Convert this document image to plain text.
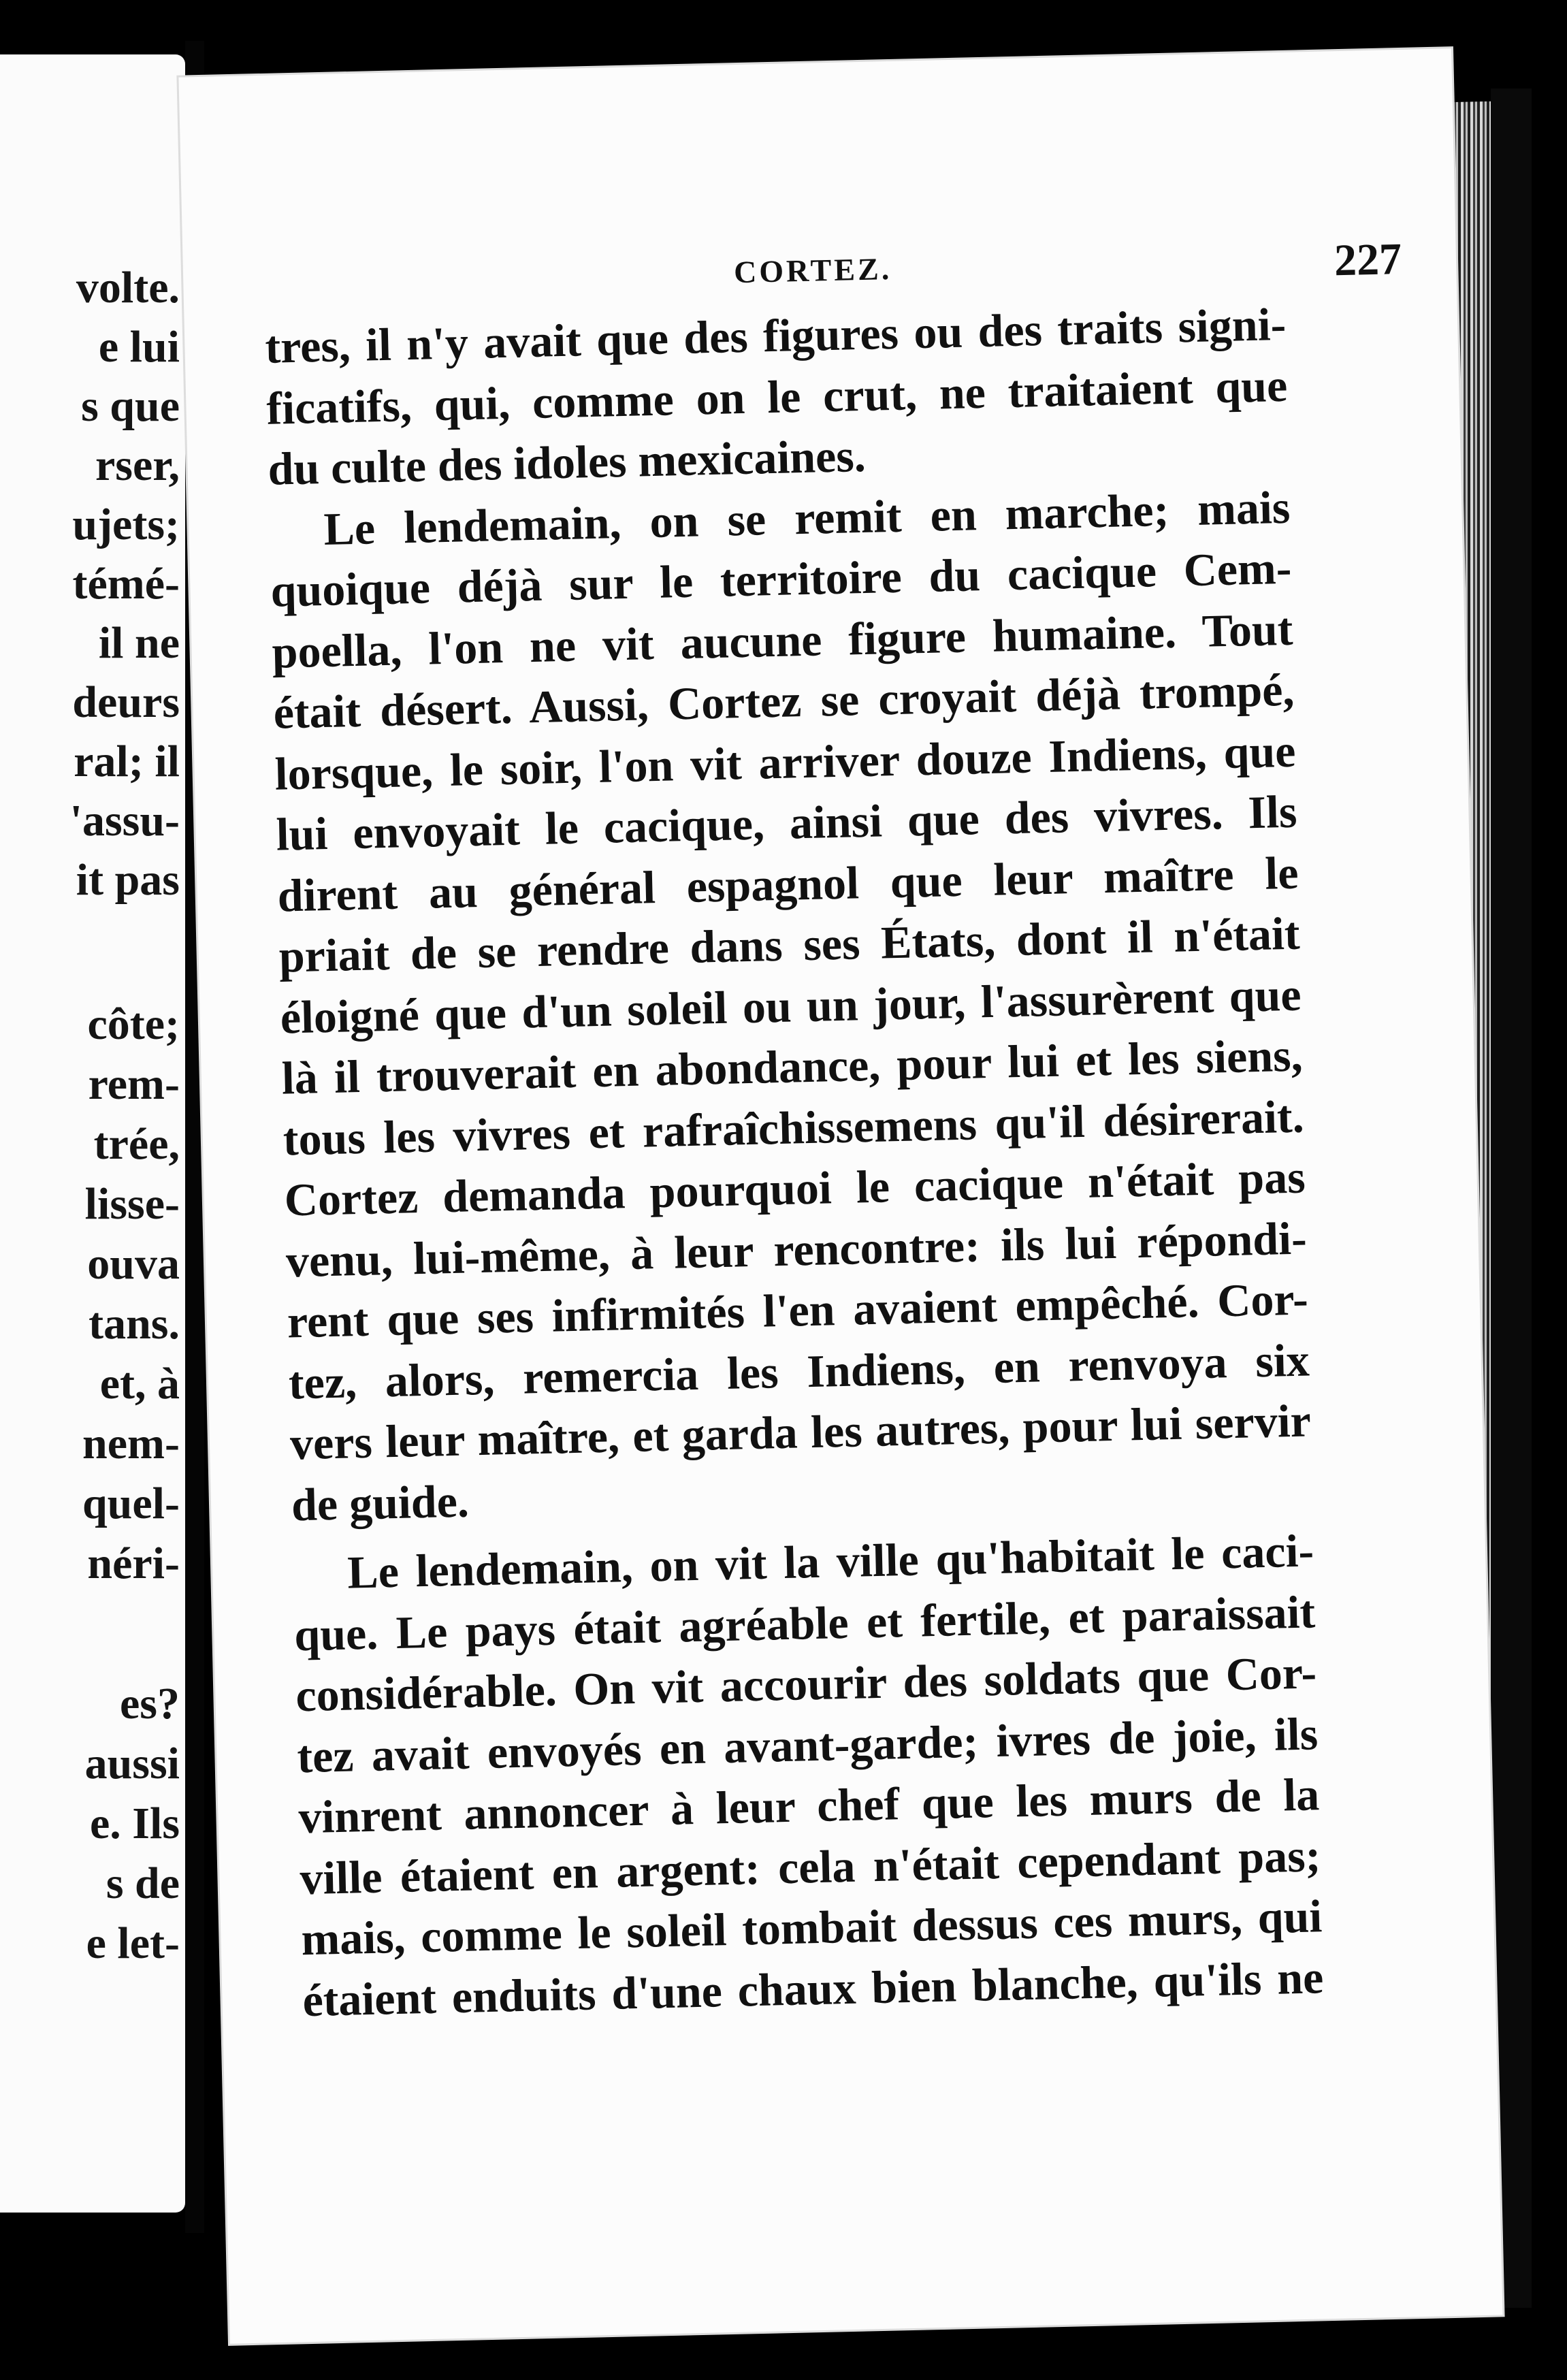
volte.
e lui
s que
rser,
ujets;
témé-
il ne
deurs
ral; il
'assu-
it pas
côte;
rem-
trée,
lisse-
ouva
tans.
et, à
nem-
quel-
néri-
es?
aussi
e. Ils
s de
e let-
CORTEZ.	227
tres, il n'y avait que des figures ou des traits signi-
ficatifs, qui, comme on le crut, ne traitaient que
du culte des idoles mexicaines.
Le lendemain, on se remit en marche; mais
quoique déjà sur le territoire du cacique Cem-
poella, l'on ne vit aucune figure humaine. Tout
était désert. Aussi, Cortez se croyait déjà trompé,
lorsque, le soir, l'on vit arriver douze Indiens, que
lui envoyait le cacique, ainsi que des vivres. Ils
dirent au général espagnol que leur maître le
priait de se rendre dans ses États, dont il n'était
éloigné que d'un soleil ou un jour, l'assurèrent que
là il trouverait en abondance, pour lui et les siens,
tous les vivres et rafraîchissemens qu'il désirerait.
Cortez demanda pourquoi le cacique n'était pas
venu, lui-même, à leur rencontre: ils lui répondi-
rent que ses infirmités l'en avaient empêché. Cor-
tez, alors, remercia les Indiens, en renvoya six
vers leur maître, et garda les autres, pour lui servir
de guide.
Le lendemain, on vit la ville qu'habitait le caci-
que. Le pays était agréable et fertile, et paraissait
considérable. On vit accourir des soldats que Cor-
tez avait envoyés en avant-garde; ivres de joie, ils
vinrent annoncer à leur chef que les murs de la
ville étaient en argent: cela n'était cependant pas;
mais, comme le soleil tombait dessus ces murs, qui
étaient enduits d'une chaux bien blanche, qu'ils ne
